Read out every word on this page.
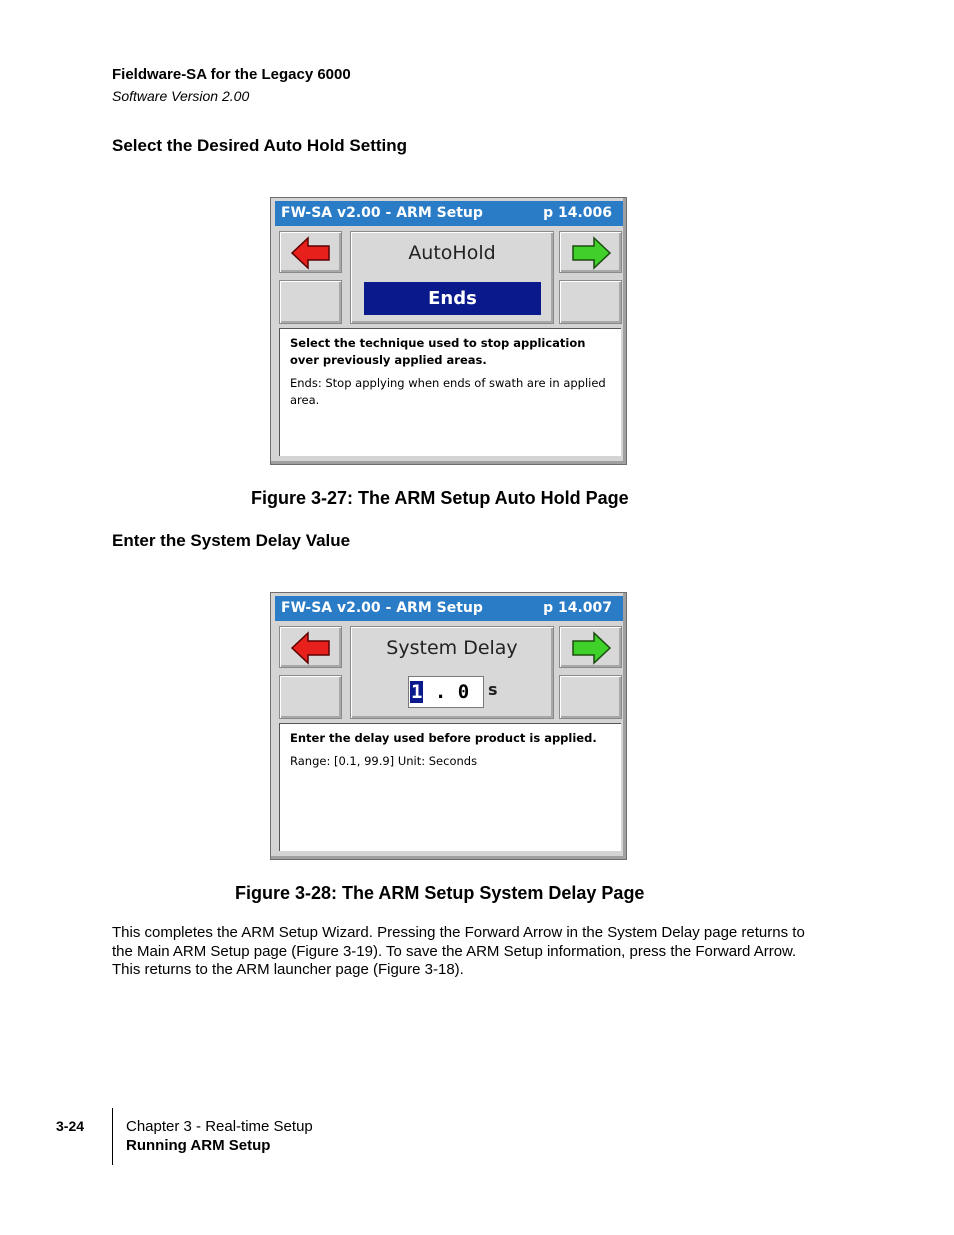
Fieldware-SA for the Legacy 6000
Software Version 2.00
Select the Desired Auto Hold Setting
FW-SA v2.00 - ARM Setup	p 14.006
AutoHold
Ends
Select the technique used to stop application over previously applied areas.
Ends: Stop applying when ends of swath are in applied area.
Figure 3-27: The ARM Setup Auto Hold Page
Enter the System Delay Value
FW-SA v2.00 - ARM Setup	p 14.007
System Delay
1 . 0	s
Enter the delay used before product is applied.
Range: [0.1, 99.9] Unit: Seconds
Figure 3-28: The ARM Setup System Delay Page
This completes the ARM Setup Wizard. Pressing the Forward Arrow in the System Delay page returns to the Main ARM Setup page (Figure 3-19). To save the ARM Setup information, press the Forward Arrow. This returns to the ARM launcher page (Figure 3-18).
3-24	Chapter 3 - Real-time Setup
Running ARM Setup
